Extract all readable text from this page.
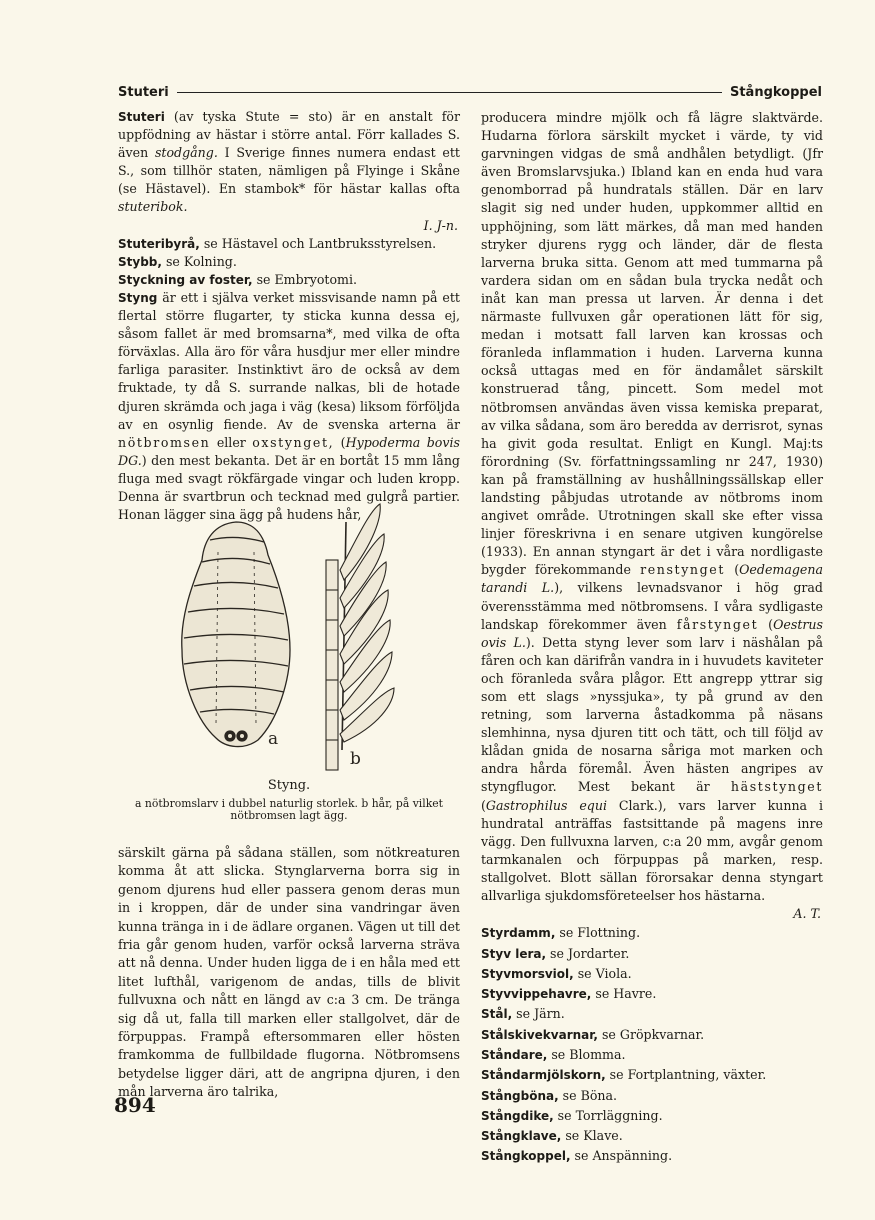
Stuteri	Stångkoppel

Stuteri (av tyska Stute = sto) är en anstalt för uppfödning av hästar i större antal. Förr kallades S. även stodgång. I Sverige finnes numera endast ett S., som tillhör staten, nämligen på Flyinge i Skåne (se Hästavel). En stambok* för hästar kallas ofta stuteribok.

I. J-n.

Stuteribyrå, se Hästavel och Lantbruksstyrelsen.

Stybb, se Kolning.

Styckning av foster, se Embryotomi.

Styng är ett i själva verket missvisande namn på ett flertal större flugarter, ty sticka kunna dessa ej, såsom fallet är med bromsarna*, med vilka de ofta förväxlas. Alla äro för våra husdjur mer eller mindre farliga parasiter. Instinktivt äro de också av dem fruktade, ty då S. surrande nalkas, bli de hotade djuren skrämda och jaga i väg (kesa) liksom förföljda av en osynlig fiende. Av de svenska arterna är nötbromsen eller oxstynget, (Hypoderma bovis DG.) den mest bekanta. Det är en bortåt 15 mm lång fluga med svagt rökfärgade vingar och luden kropp. Denna är svartbrun och tecknad med gulgrå partier. Honan lägger sina ägg på hudens hår,

a
b
Styng.
a nötbromslarv i dubbel naturlig storlek. b hår, på vilket nötbromsen lagt ägg.

särskilt gärna på sådana ställen, som nötkreaturen komma åt att slicka. Stynglarverna borra sig in genom djurens hud eller passera genom deras mun in i kroppen, där de under sina vandringar även kunna tränga in i de ädlare organen. Vägen ut till det fria går genom huden, varför också larverna sträva att nå denna. Under huden ligga de i en håla med ett litet lufthål, varigenom de andas, tills de blivit fullvuxna och nått en längd av c:a 3 cm. De tränga sig då ut, falla till marken eller stallgolvet, där de förpuppas. Frampå eftersommaren eller hösten framkomma de fullbildade flugorna. Nötbromsens betydelse ligger däri, att de angripna djuren, i den mån larverna äro talrika,

producera mindre mjölk och få lägre slaktvärde. Hudarna förlora särskilt mycket i värde, ty vid garvningen vidgas de små andhålen betydligt. (Jfr även Bromslarvsjuka.) Ibland kan en enda hud vara genomborrad på hundratals ställen. Där en larv slagit sig ned under huden, uppkommer alltid en upphöjning, som lätt märkes, då man med handen stryker djurens rygg och länder, där de flesta larverna bruka sitta. Genom att med tummarna på vardera sidan om en sådan bula trycka nedåt och inåt kan man pressa ut larven. Är denna i det närmaste fullvuxen går operationen lätt för sig, medan i motsatt fall larven kan krossas och föranleda inflammation i huden. Larverna kunna också uttagas med en för ändamålet särskilt konstruerad tång, pincett. Som medel mot nötbromsen användas även vissa kemiska preparat, av vilka sådana, som äro beredda av derrisrot, synas ha givit goda resultat. Enligt en Kungl. Maj:ts förordning (Sv. författningssamling nr 247, 1930) kan på framställning av hushållningssällskap eller landsting påbjudas utrotande av nötbroms inom angivet område. Utrotningen skall ske efter vissa linjer föreskrivna i en senare utgiven kungörelse (1933). En annan styngart är det i våra nordligaste bygder förekommande renstynget (Oedemagena tarandi L.), vilkens levnadsvanor i hög grad överensstämma med nötbromsens. I våra sydligaste landskap förekommer även fårstynget (Oestrus ovis L.). Detta styng lever som larv i näshålan på fåren och kan därifrån vandra in i huvudets kaviteter och föranleda svåra plågor. Ett angrepp yttrar sig som ett slags »nyssjuka», ty på grund av den retning, som larverna åstadkomma på näsans slemhinna, nysa djuren titt och tätt, och till följd av klådan gnida de nosarna såriga mot marken och andra hårda föremål. Även hästen angripes av styngflugor. Mest bekant är häststynget (Gastrophilus equi Clark.), vars larver kunna i hundratal anträffas fastsittande på magens inre vägg. Den fullvuxna larven, c:a 20 mm, avgår genom tarmkanalen och förpuppas på marken, resp. stallgolvet. Blott sällan förorsakar denna styngart allvarliga sjukdomsföreteelser hos hästarna.

A. T.

Styrdamm, se Flottning.

Styv lera, se Jordarter.

Styvmorsviol, se Viola.

Styvvippehavre, se Havre.

Stål, se Järn.

Stålskivekvarnar, se Gröpkvarnar.

Ståndare, se Blomma.

Ståndarmjölskorn, se Fortplantning, växter.

Stångböna, se Böna.

Stångdike, se Torrläggning.

Stångklave, se Klave.

Stångkoppel, se Anspänning.

894
